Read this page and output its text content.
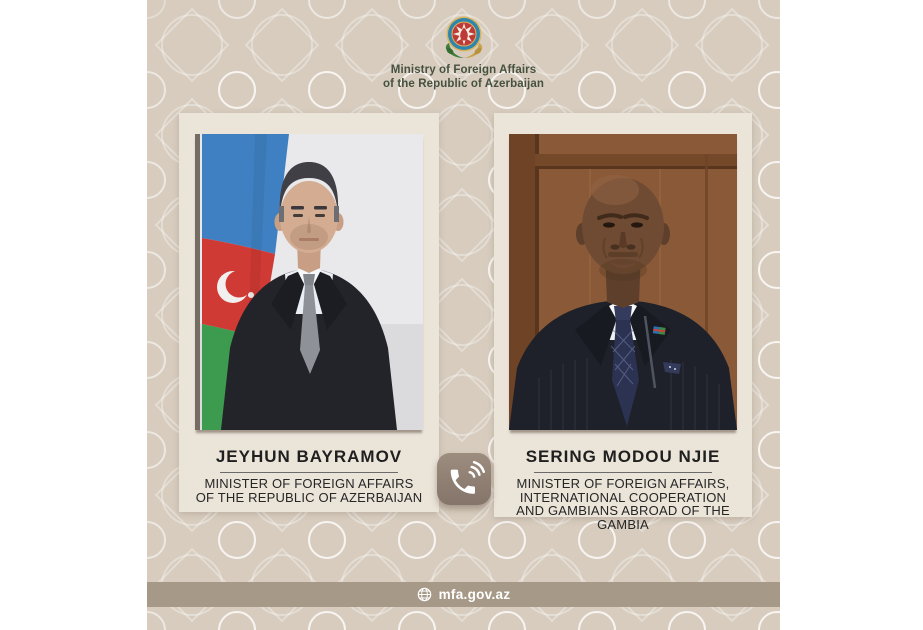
Ministry of Foreign Affairs
of the Republic of Azerbaijan
JEYHUN BAYRAMOV
MINISTER OF FOREIGN AFFAIRS
OF THE REPUBLIC OF AZERBAIJAN
SERING MODOU NJIE
MINISTER OF FOREIGN AFFAIRS,
INTERNATIONAL COOPERATION
AND GAMBIANS ABROAD OF THE GAMBIA
mfa.gov.az
